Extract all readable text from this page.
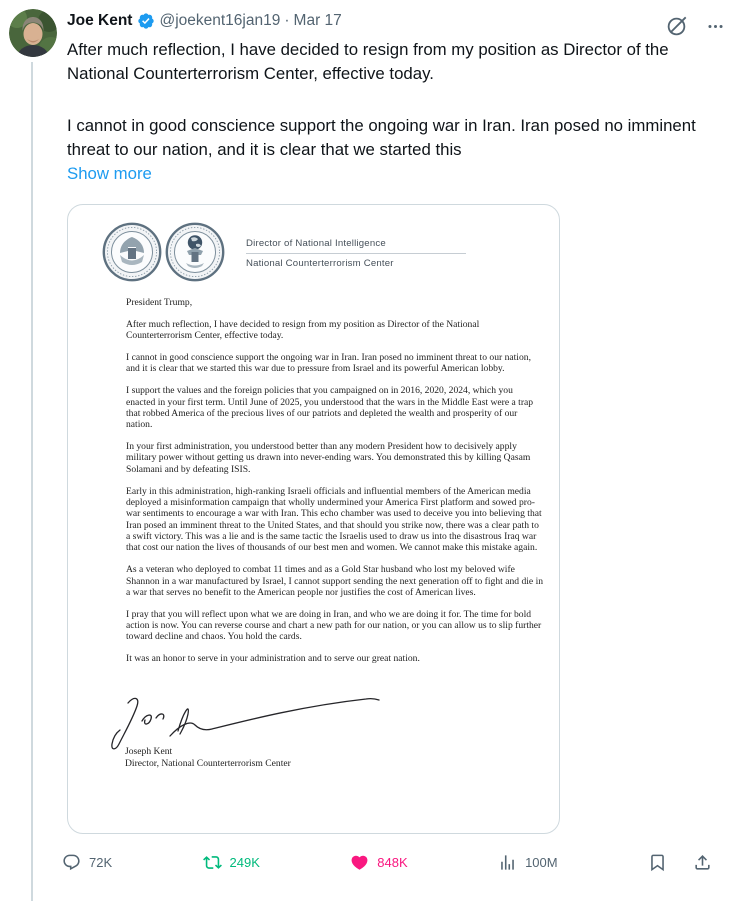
Joe Kent @joekent16jan19 · Mar 17

After much reflection, I have decided to resign from my position as Director of the National Counterterrorism Center, effective today.

I cannot in good conscience support the ongoing war in Iran. Iran posed no imminent threat to our nation, and it is clear that we started this

Show more
Director of National Intelligence
National Counterterrorism Center

President Trump,

After much reflection, I have decided to resign from my position as Director of the National Counterterrorism Center, effective today.

I cannot in good conscience support the ongoing war in Iran. Iran posed no imminent threat to our nation, and it is clear that we started this war due to pressure from Israel and its powerful American lobby.

I support the values and the foreign policies that you campaigned on in 2016, 2020, 2024, which you enacted in your first term. Until June of 2025, you understood that the wars in the Middle East were a trap that robbed America of the precious lives of our patriots and depleted the wealth and prosperity of our nation.

In your first administration, you understood better than any modern President how to decisively apply military power without getting us drawn into never-ending wars. You demonstrated this by killing Qasam Solamani and by defeating ISIS.

Early in this administration, high-ranking Israeli officials and influential members of the American media deployed a misinformation campaign that wholly undermined your America First platform and sowed pro-war sentiments to encourage a war with Iran. This echo chamber was used to deceive you into believing that Iran posed an imminent threat to the United States, and that should you strike now, there was a clear path to a swift victory. This was a lie and is the same tactic the Israelis used to draw us into the disastrous Iraq war that cost our nation the lives of thousands of our best men and women. We cannot make this mistake again.

As a veteran who deployed to combat 11 times and as a Gold Star husband who lost my beloved wife Shannon in a war manufactured by Israel, I cannot support sending the next generation off to fight and die in a war that serves no benefit to the American people nor justifies the cost of American lives.

I pray that you will reflect upon what we are doing in Iran, and who we are doing it for. The time for bold action is now. You can reverse course and chart a new path for our nation, or you can allow us to slip further toward decline and chaos. You hold the cards.

It was an honor to serve in your administration and to serve our great nation.

Joseph Kent
Director, National Counterterrorism Center
72K	249K	848K	100M
